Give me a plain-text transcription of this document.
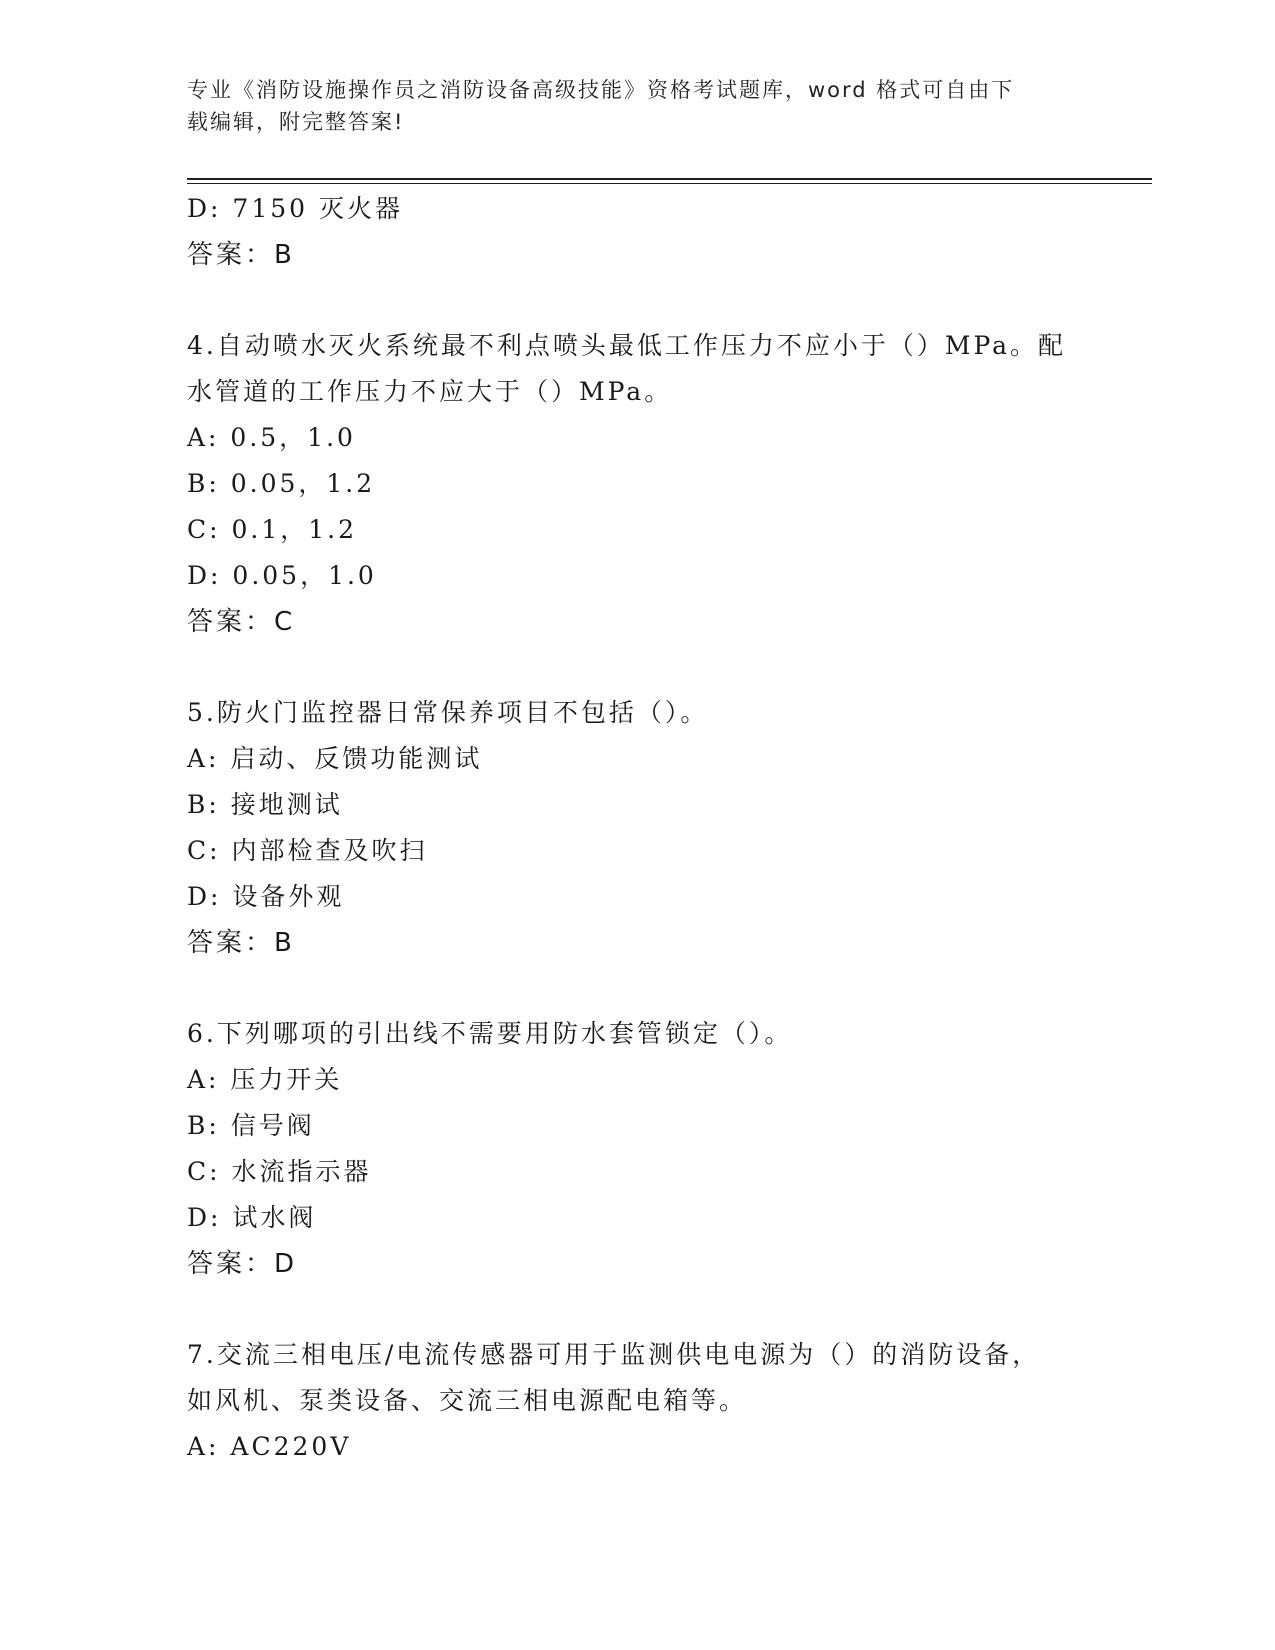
专业《消防设施操作员之消防设备高级技能》资格考试题库，word 格式可自由下
载编辑，附完整答案!
D: 7150 灭火器
答案：B
4.自动喷水灭火系统最不利点喷头最低工作压力不应小于（）MPa。配
水管道的工作压力不应大于（）MPa。
A: 0.5，1.0
B: 0.05，1.2
C: 0.1，1.2
D: 0.05，1.0
答案：C
5.防火门监控器日常保养项目不包括（）。
A: 启动、反馈功能测试
B: 接地测试
C: 内部检查及吹扫
D: 设备外观
答案：B
6.下列哪项的引出线不需要用防水套管锁定（）。
A: 压力开关
B: 信号阀
C: 水流指示器
D: 试水阀
答案：D
7.交流三相电压/电流传感器可用于监测供电电源为（）的消防设备，
如风机、泵类设备、交流三相电源配电箱等。
A: AC220V
